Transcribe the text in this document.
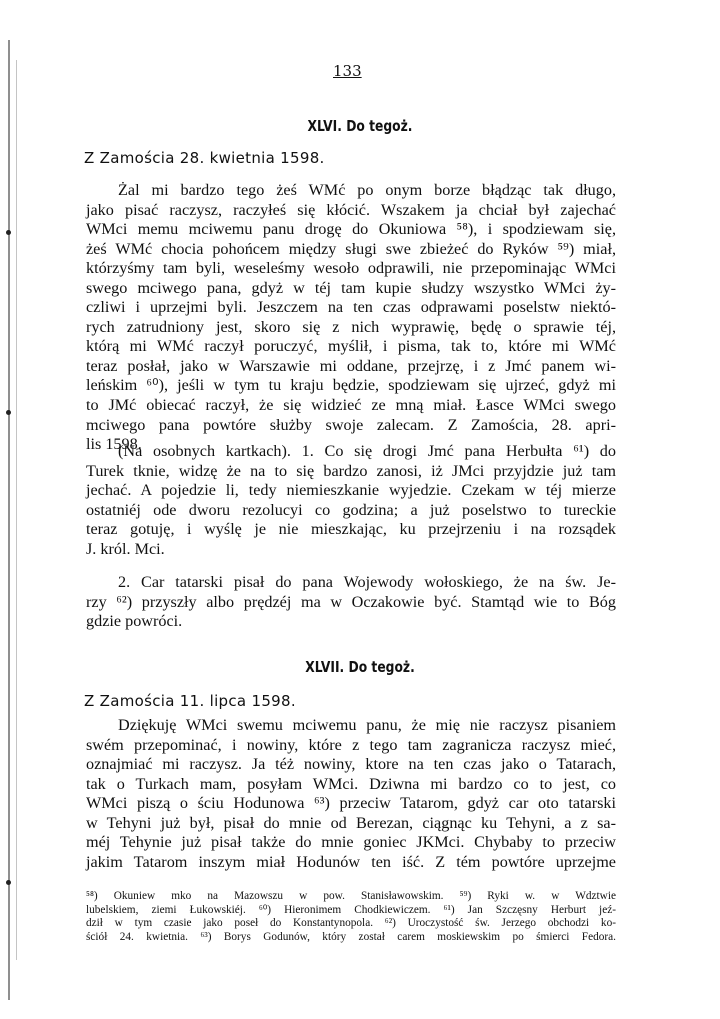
133
XLVI. Do tegoż.
Z Zamościa 28. kwietnia 1598.
Żal mi bardzo tego żeś WMć po onym borze błądząc tak długo,
jako pisać raczysz, raczyłeś się kłócić. Wszakem ja chciał był zajechać
WMci memu mciwemu panu drogę do Okuniowa ⁵⁸), i spodziewam się,
żeś WMć chocia pohońcem między sługi swe zbieżeć do Ryków ⁵⁹) miał,
którzyśmy tam byli, weseleśmy wesoło odprawili, nie przepominając WMci
swego mciwego pana, gdyż w téj tam kupie słudzy wszystko WMci ży-
czliwi i uprzejmi byli. Jeszczem na ten czas odprawami poselstw niektó-
rych zatrudniony jest, skoro się z nich wyprawię, będę o sprawie téj,
którą mi WMć raczył poruczyć, myślił, i pisma, tak to, które mi WMć
teraz posłał, jako w Warszawie mi oddane, przejrzę, i z Jmć panem wi-
leńskim ⁶⁰), jeśli w tym tu kraju będzie, spodziewam się ujrzeć, gdyż mi
to JMć obiecać raczył, że się widzieć ze mną miał. Łasce WMci swego
mciwego pana powtóre służby swoje zalecam. Z Zamościa, 28. apri-
lis 1598.
(Na osobnych kartkach). 1. Co się drogi Jmć pana Herbułta ⁶¹) do
Turek tknie, widzę że na to się bardzo zanosi, iż JMci przyjdzie już tam
jechać. A pojedzie li, tedy niemieszkanie wyjedzie. Czekam w téj mierze
ostatniéj ode dworu rezolucyi co godzina; a już poselstwo to tureckie
teraz gotuję, i wyślę je nie mieszkając, ku przejrzeniu i na rozsądek
J. król. Mci.
2. Car tatarski pisał do pana Wojewody wołoskiego, że na św. Je-
rzy ⁶²) przyszły albo prędzéj ma w Oczakowie być. Stamtąd wie to Bóg
gdzie powróci.
XLVII. Do tegoż.
Z Zamościa 11. lipca 1598.
Dziękuję WMci swemu mciwemu panu, że mię nie raczysz pisaniem
swém przepominać, i nowiny, które z tego tam zagranicza raczysz mieć,
oznajmiać mi raczysz. Ja téż nowiny, ktore na ten czas jako o Tatarach,
tak o Turkach mam, posyłam WMci. Dziwna mi bardzo co to jest, co
WMci piszą o ściu Hodunowa ⁶³) przeciw Tatarom, gdyż car oto tatarski
w Tehyni już był, pisał do mnie od Berezan, ciągnąc ku Tehyni, a z sa-
méj Tehynie już pisał także do mnie goniec JKMci. Chybaby to przeciw
jakim Tatarom inszym miał Hodunów ten iść. Z tém powtóre uprzejme
⁵⁸) Okuniew mko na Mazowszu w pow. Stanisławowskim. ⁵⁹) Ryki w. w Wdztwie
lubelskiem, ziemi Łukowskiéj. ⁶⁰) Hieronimem Chodkiewiczem. ⁶¹) Jan Szczęsny Herburt jeź-
dził w tym czasie jako poseł do Konstantynopola. ⁶²) Uroczystość św. Jerzego obchodzi ko-
ściół 24. kwietnia. ⁶³) Borys Godunów, który został carem moskiewskim po śmierci Fedora.
